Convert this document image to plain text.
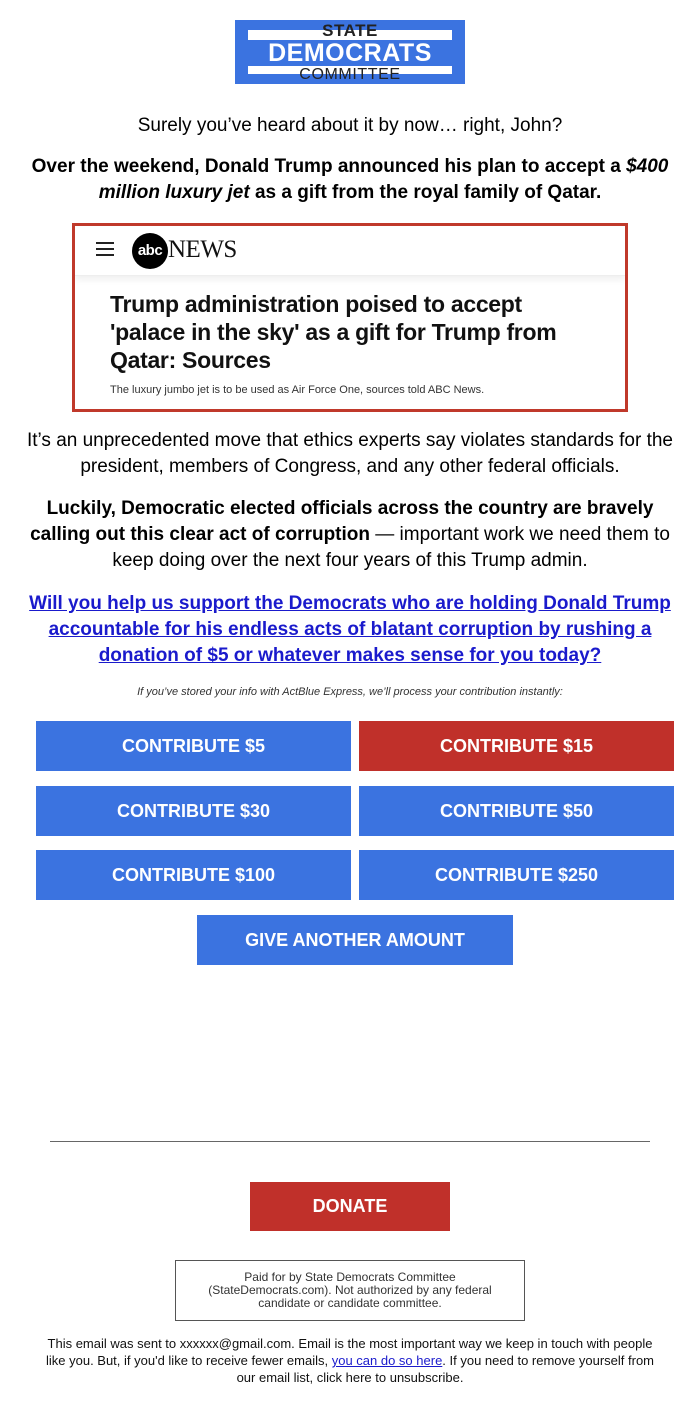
STATE
DEMOCRATS
COMMITTEE
Surely you’ve heard about it by now… right, John?
Over the weekend, Donald Trump announced his plan to accept a $400 million luxury jet as a gift from the royal family of Qatar.
abc NEWS
Trump administration poised to accept 'palace in the sky' as a gift for Trump from Qatar: Sources
The luxury jumbo jet is to be used as Air Force One, sources told ABC News.
It’s an unprecedented move that ethics experts say violates standards for the president, members of Congress, and any other federal officials.
Luckily, Democratic elected officials across the country are bravely calling out this clear act of corruption — important work we need them to keep doing over the next four years of this Trump admin.
Will you help us support the Democrats who are holding Donald Trump accountable for his endless acts of blatant corruption by rushing a donation of $5 or whatever makes sense for you today?
If you’ve stored your info with ActBlue Express, we’ll process your contribution instantly:
CONTRIBUTE $5	CONTRIBUTE $15
CONTRIBUTE $30	CONTRIBUTE $50
CONTRIBUTE $100	CONTRIBUTE $250
GIVE ANOTHER AMOUNT
DONATE
Paid for by State Democrats Committee (StateDemocrats.com). Not authorized by any federal candidate or candidate committee.
This email was sent to xxxxxx@gmail.com. Email is the most important way we keep in touch with people like you. But, if you'd like to receive fewer emails, you can do so here. If you need to remove yourself from our email list, click here to unsubscribe.
